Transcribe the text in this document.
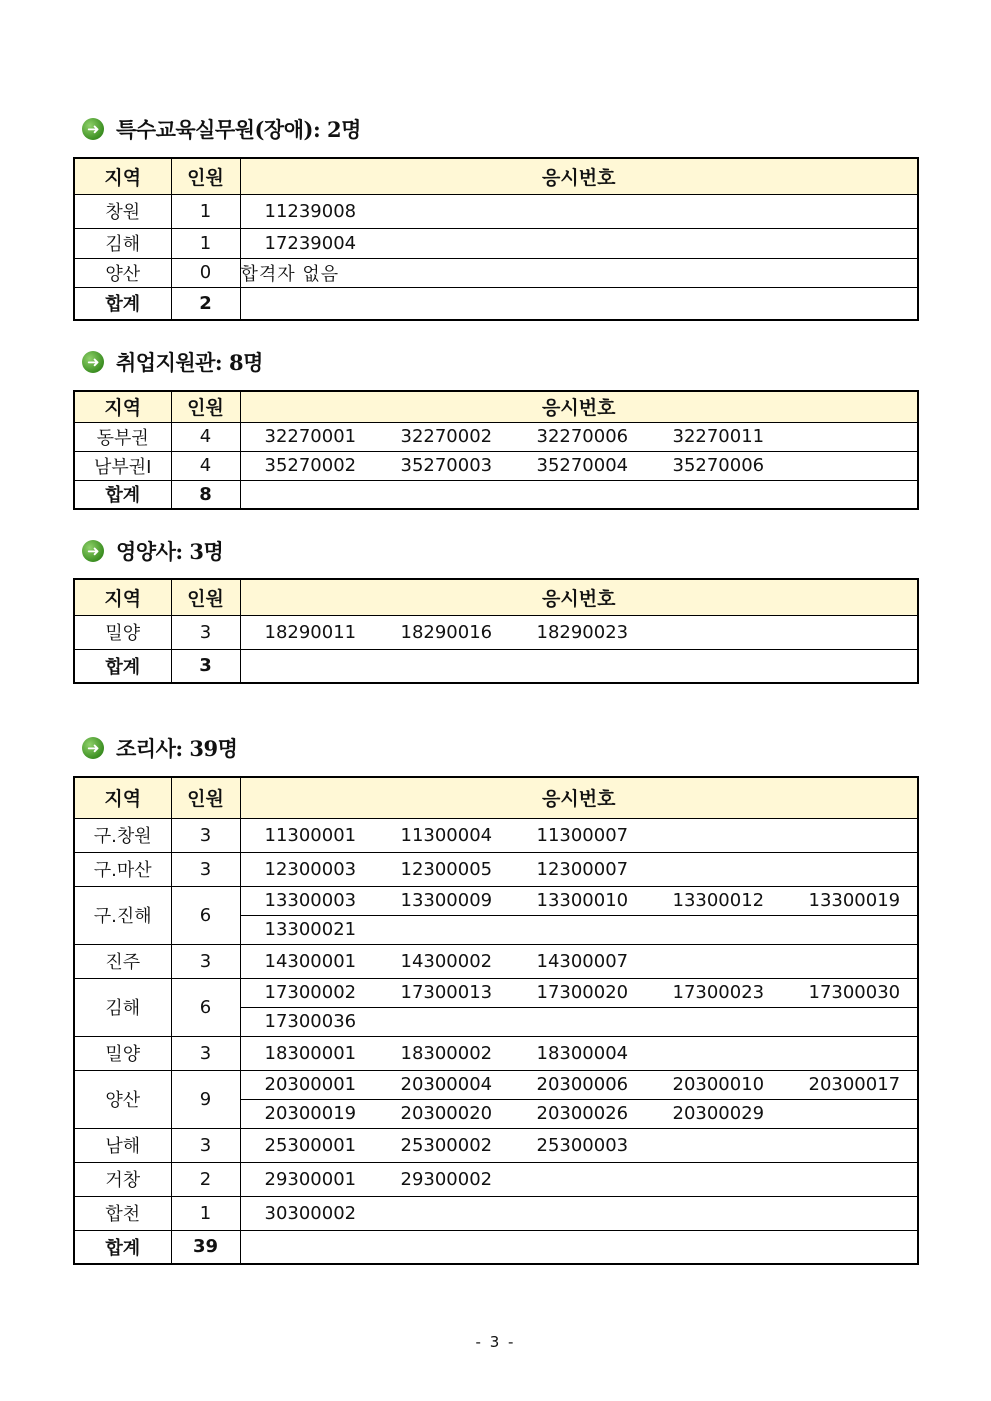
➜ 특수교육실무원(장애): 2명
지역	인원	응시번호
창원	1	11239008

김해	1	17239004

양산	0	합격자 없음
합계	2	
➜ 취업지원관: 8명
지역	인원	응시번호
동부권	4	32270001 32270002 32270006 32270011

남부권Ⅰ	4	35270002 35270003 35270004 35270006

합계	8	
➜ 영양사: 3명
지역	인원	응시번호
밀양	3	18290011 18290016 18290023

합계	3	
➜ 조리사: 39명
지역	인원	응시번호
구.창원	3	11300001 11300004 11300007

구.마산	3	12300003 12300005 12300007

구.진해	6	13300003 13300009 13300010 13300012 13300019

		13300021

진주	3	14300001 14300002 14300007

김해	6	17300002 17300013 17300020 17300023 17300030

		17300036

밀양	3	18300001 18300002 18300004

양산	9	20300001 20300004 20300006 20300010 20300017

		20300019 20300020 20300026 20300029

남해	3	25300001 25300002 25300003

거창	2	29300001 29300002

합천	1	30300002

합계	39	
- 3 -
